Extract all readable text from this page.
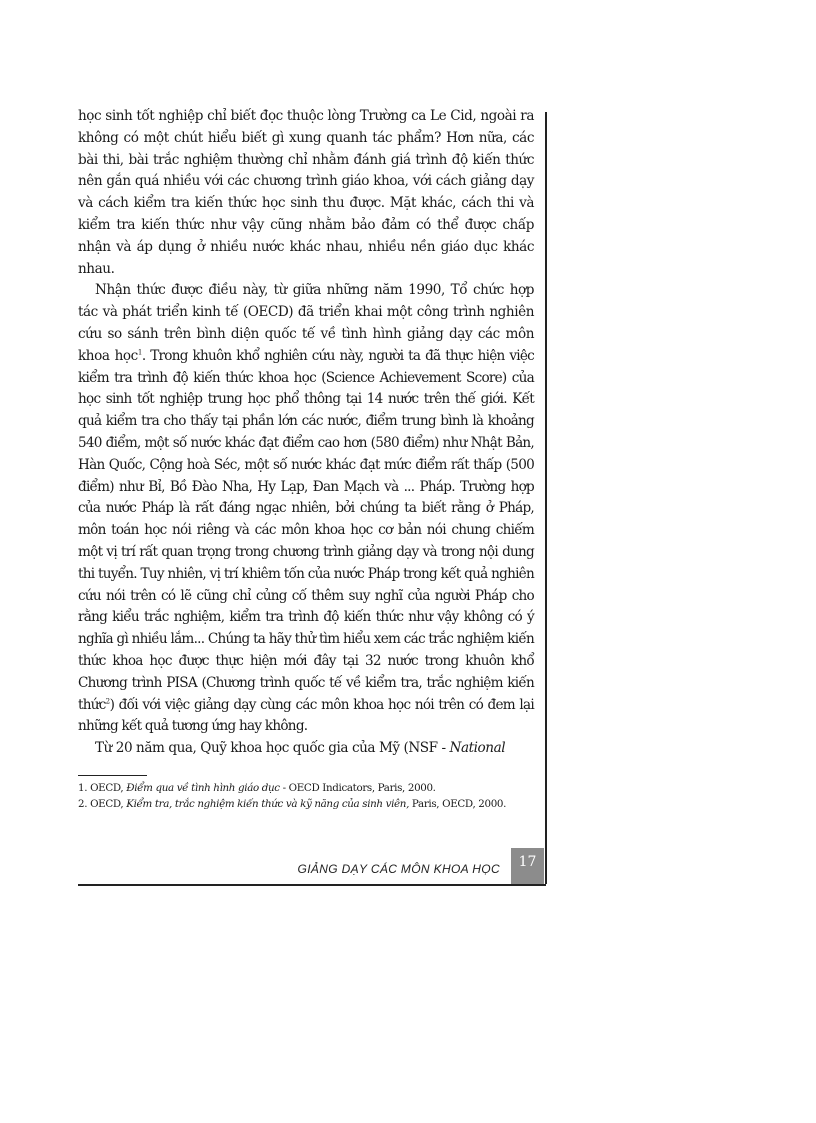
học sinh tốt nghiệp chỉ biết đọc thuộc lòng Trường ca Le Cid, ngoài ra không có một chút hiểu biết gì xung quanh tác phẩm? Hơn nữa, các bài thi, bài trắc nghiệm thường chỉ nhằm đánh giá trình độ kiến thức nên gắn quá nhiều với các chương trình giáo khoa, với cách giảng dạy và cách kiểm tra kiến thức học sinh thu được. Mặt khác, cách thi và kiểm tra kiến thức như vậy cũng nhằm bảo đảm có thể được chấp nhận và áp dụng ở nhiều nước khác nhau, nhiều nền giáo dục khác nhau.

Nhận thức được điều này, từ giữa những năm 1990, Tổ chức hợp tác và phát triển kinh tế (OECD) đã triển khai một công trình nghiên cứu so sánh trên bình diện quốc tế về tình hình giảng dạy các môn khoa học$^1$. Trong khuôn khổ nghiên cứu này, người ta đã thực hiện việc kiểm tra trình độ kiến thức khoa học (Science Achievement Score) của học sinh tốt nghiệp trung học phổ thông tại 14 nước trên thế giới. Kết quả kiểm tra cho thấy tại phần lớn các nước, điểm trung bình là khoảng 540 điểm, một số nước khác đạt điểm cao hơn (580 điểm) như Nhật Bản, Hàn Quốc, Cộng hoà Séc, một số nước khác đạt mức điểm rất thấp (500 điểm) như Bỉ, Bồ Đào Nha, Hy Lạp, Đan Mạch và ... Pháp. Trường hợp của nước Pháp là rất đáng ngạc nhiên, bởi chúng ta biết rằng ở Pháp, môn toán học nói riêng và các môn khoa học cơ bản nói chung chiếm một vị trí rất quan trọng trong chương trình giảng dạy và trong nội dung thi tuyển. Tuy nhiên, vị trí khiêm tốn của nước Pháp trong kết quả nghiên cứu nói trên có lẽ cũng chỉ củng cố thêm suy nghĩ của người Pháp cho rằng kiểu trắc nghiệm, kiểm tra trình độ kiến thức như vậy không có ý nghĩa gì nhiều lắm... Chúng ta hãy thử tìm hiểu xem các trắc nghiệm kiến thức khoa học được thực hiện mới đây tại 32 nước trong khuôn khổ Chương trình PISA (Chương trình quốc tế về kiểm tra, trắc nghiệm kiến thức$^2$) đối với việc giảng dạy cùng các môn khoa học nói trên có đem lại những kết quả tương ứng hay không.

Từ 20 năm qua, Quỹ khoa học quốc gia của Mỹ (NSF - National

1. OECD, Điểm qua về tình hình giáo dục - OECD Indicators, Paris, 2000.

2. OECD, Kiểm tra, trắc nghiệm kiến thức và kỹ năng của sinh viên, Paris, OECD, 2000.

GIẢNG DẠY CÁC MÔN KHOA HỌC	17
